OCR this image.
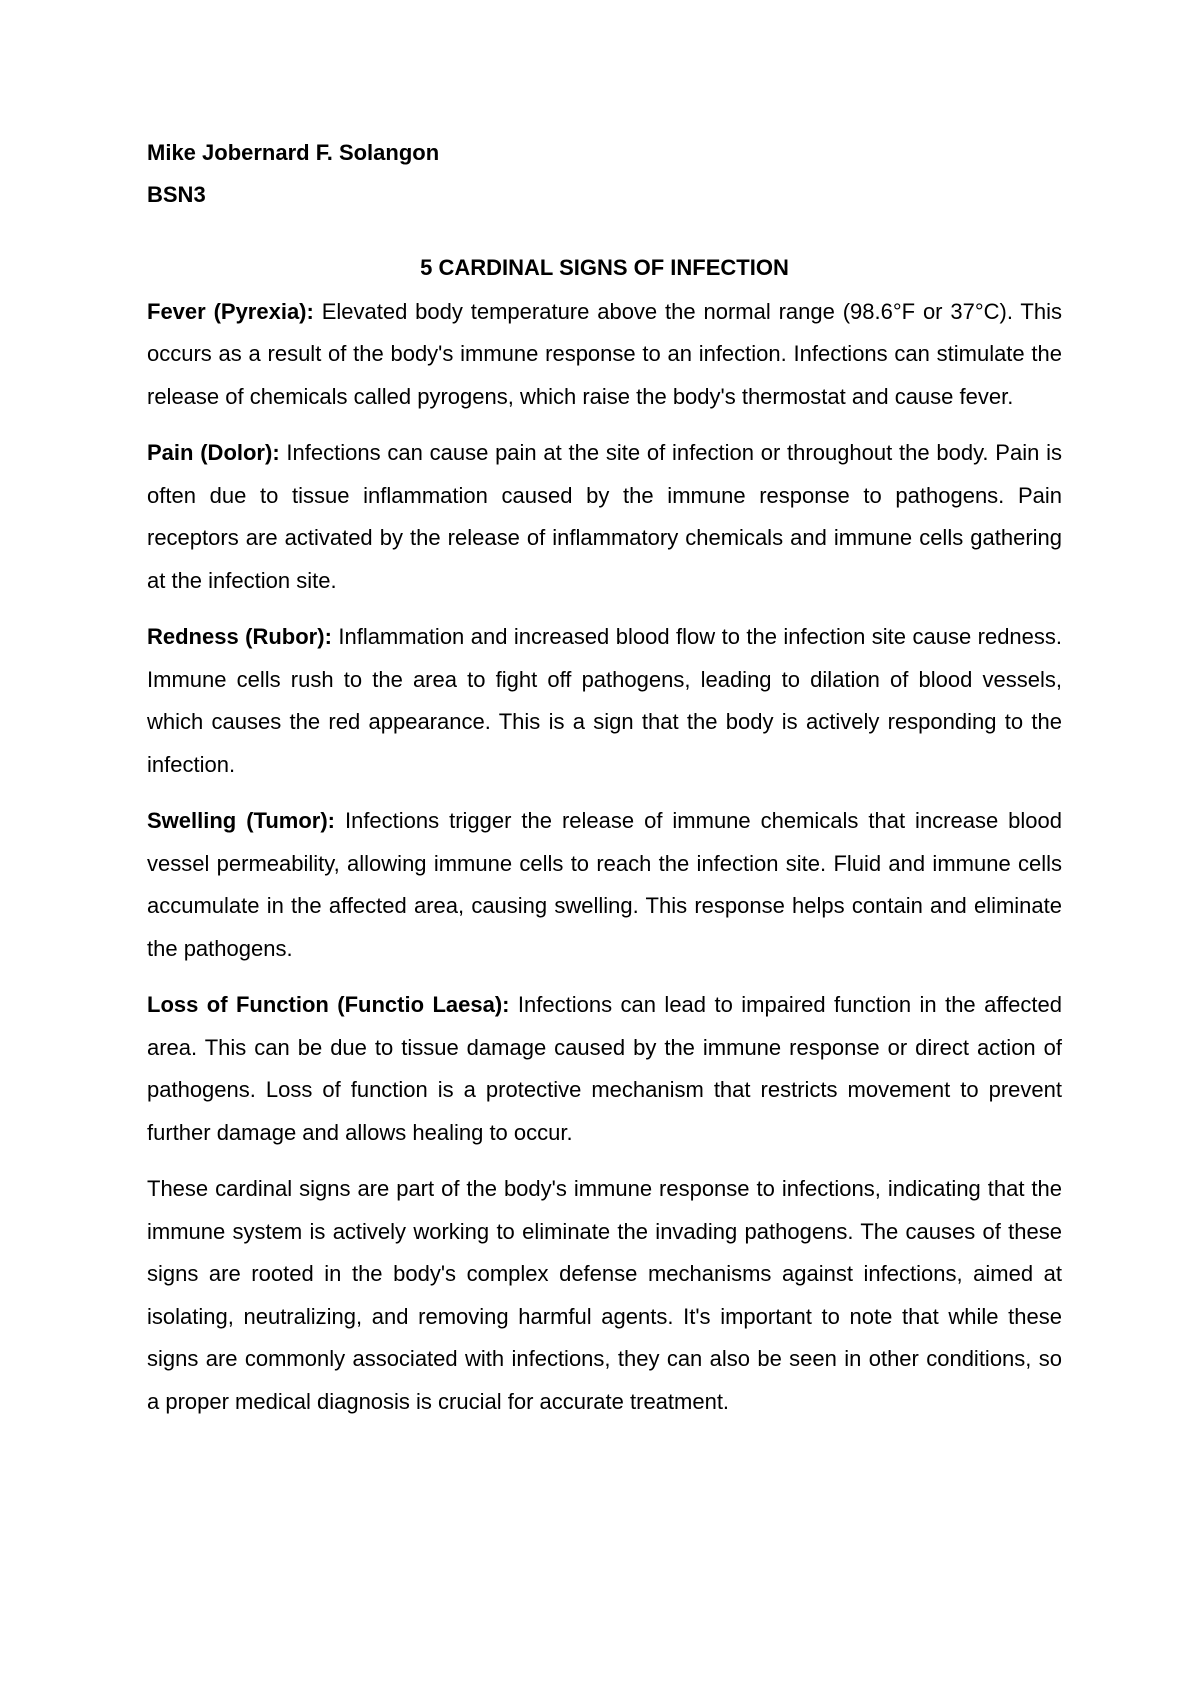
Mike Jobernard F. Solangon

BSN3

5 CARDINAL SIGNS OF INFECTION

Fever (Pyrexia): Elevated body temperature above the normal range (98.6°F or 37°C). This occurs as a result of the body's immune response to an infection. Infections can stimulate the release of chemicals called pyrogens, which raise the body's thermostat and cause fever.

Pain (Dolor): Infections can cause pain at the site of infection or throughout the body. Pain is often due to tissue inflammation caused by the immune response to pathogens. Pain receptors are activated by the release of inflammatory chemicals and immune cells gathering at the infection site.

Redness (Rubor): Inflammation and increased blood flow to the infection site cause redness. Immune cells rush to the area to fight off pathogens, leading to dilation of blood vessels, which causes the red appearance. This is a sign that the body is actively responding to the infection.

Swelling (Tumor): Infections trigger the release of immune chemicals that increase blood vessel permeability, allowing immune cells to reach the infection site. Fluid and immune cells accumulate in the affected area, causing swelling. This response helps contain and eliminate the pathogens.

Loss of Function (Functio Laesa): Infections can lead to impaired function in the affected area. This can be due to tissue damage caused by the immune response or direct action of pathogens. Loss of function is a protective mechanism that restricts movement to prevent further damage and allows healing to occur.

These cardinal signs are part of the body's immune response to infections, indicating that the immune system is actively working to eliminate the invading pathogens. The causes of these signs are rooted in the body's complex defense mechanisms against infections, aimed at isolating, neutralizing, and removing harmful agents. It's important to note that while these signs are commonly associated with infections, they can also be seen in other conditions, so a proper medical diagnosis is crucial for accurate treatment.
